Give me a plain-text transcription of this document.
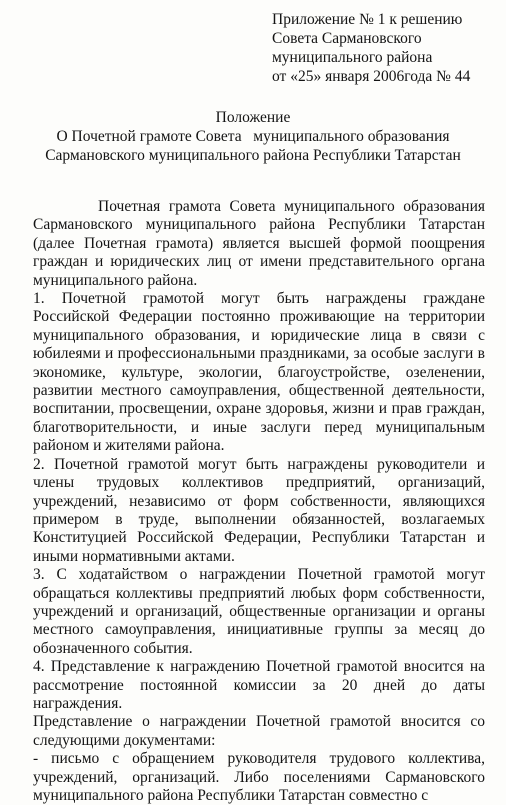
Приложение № 1 к решению
Совета Сармановского
муниципального района
от «25» января 2006года № 44
Положение
О Почетной грамоте Совета   муниципального образования
Сармановского муниципального района Республики Татарстан

Почетная грамота Совета муниципального образования Сармановского муниципального района Республики Татарстан (далее Почетная грамота) является высшей формой поощрения граждан и юридических лиц от имени представительного органа муниципального района.

1. Почетной грамотой могут быть награждены граждане Российской Федерации постоянно проживающие на территории муниципального образования, и юридические лица в связи с юбилеями и профессиональными праздниками, за особые заслуги в экономике, культуре, экологии, благоустройстве, озеленении, развитии местного самоуправления, общественной деятельности, воспитании, просвещении, охране здоровья, жизни и прав граждан, благотворительности, и иные заслуги перед муниципальным районом и жителями района.

2. Почетной грамотой могут быть награждены руководители и члены трудовых коллективов предприятий, организаций, учреждений, независимо от форм собственности, являющихся примером в труде, выполнении обязанностей, возлагаемых Конституцией Российской Федерации, Республики Татарстан и иными нормативными актами.

3. С ходатайством о награждении Почетной грамотой могут обращаться коллективы предприятий любых форм собственности, учреждений и организаций, общественные организации и органы местного самоуправления, инициативные группы за месяц до обозначенного события.

4. Представление к награждению Почетной грамотой вносится на рассмотрение постоянной комиссии за 20 дней до даты награждения.

Представление о награждении Почетной грамотой вносится со следующими документами:

- письмо с обращением руководителя трудового коллектива, учреждений, организаций. Либо поселениями Сармановского муниципального района Республики Татарстан совместно с
